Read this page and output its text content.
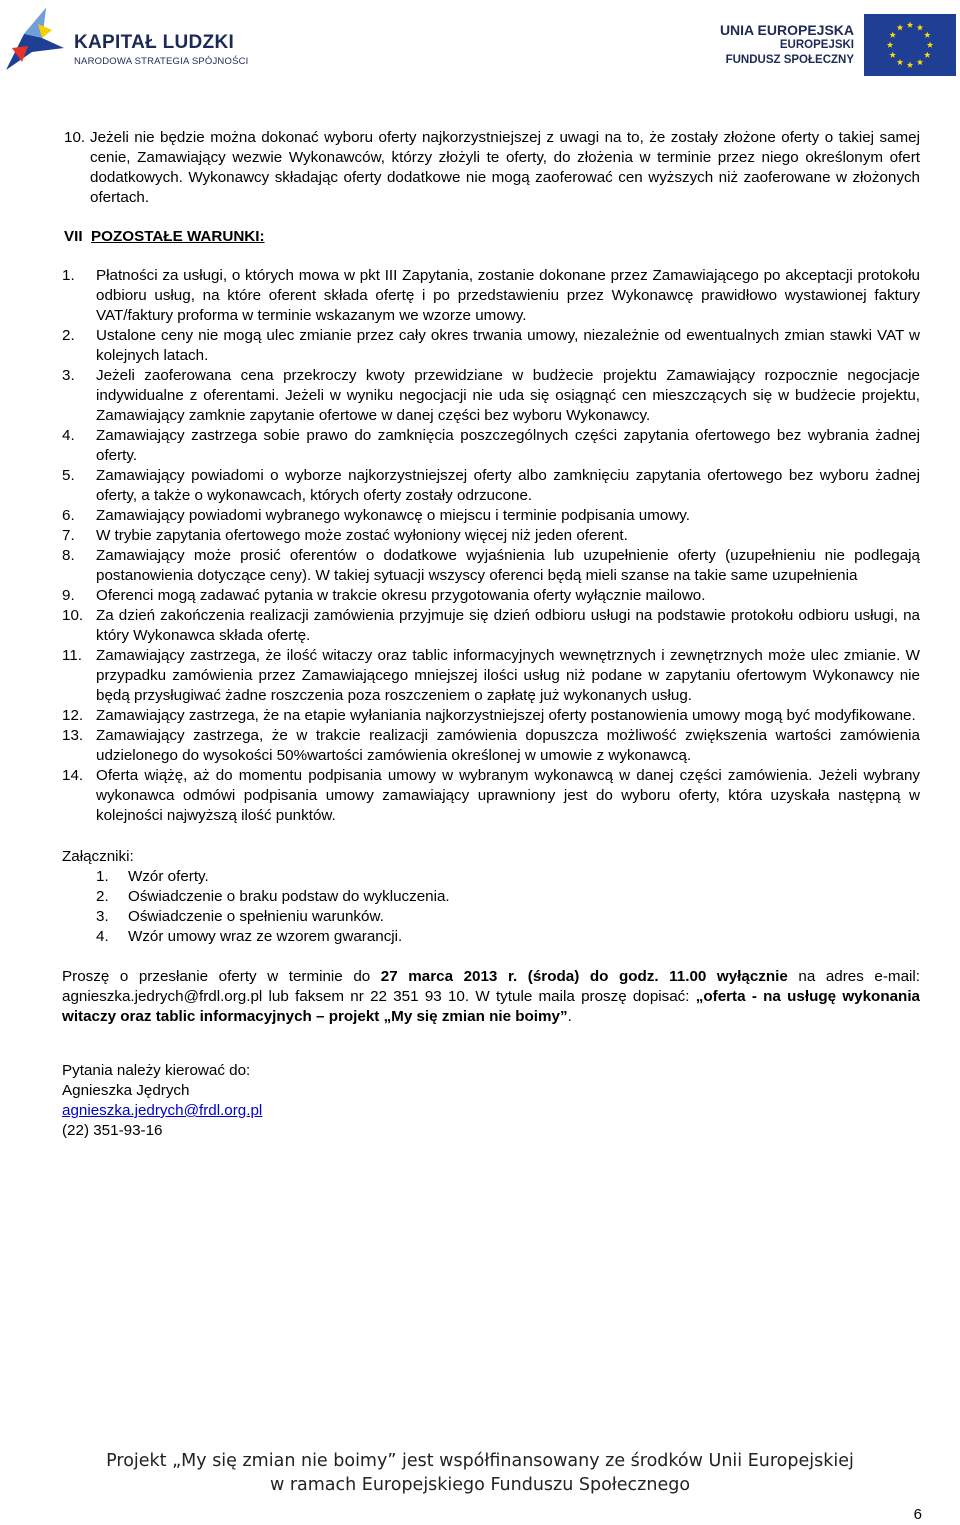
KAPITAŁ LUDZKI
NARODOWA STRATEGIA SPÓJNOŚCI
UNIA EUROPEJSKA
EUROPEJSKI
FUNDUSZ SPOŁECZNY
10. Jeżeli nie będzie można dokonać wyboru oferty najkorzystniejszej z uwagi na to, że zostały złożone oferty o takiej samej cenie, Zamawiający wezwie Wykonawców, którzy złożyli te oferty, do złożenia w terminie przez niego określonym ofert dodatkowych. Wykonawcy składając oferty dodatkowe nie mogą zaoferować cen wyższych niż zaoferowane w złożonych ofertach.
VII POZOSTAŁE WARUNKI:
1. Płatności za usługi, o których mowa w pkt III Zapytania, zostanie dokonane przez Zamawiającego po akceptacji protokołu odbioru usług, na które oferent składa ofertę i po przedstawieniu przez Wykonawcę prawidłowo wystawionej faktury VAT/faktury proforma w terminie wskazanym we wzorze umowy.
2. Ustalone ceny nie mogą ulec zmianie przez cały okres trwania umowy, niezależnie od ewentualnych zmian stawki VAT w kolejnych latach.
3. Jeżeli zaoferowana cena przekroczy kwoty przewidziane w budżecie projektu Zamawiający rozpocznie negocjacje indywidualne z oferentami. Jeżeli w wyniku negocjacji nie uda się osiągnąć cen mieszczących się w budżecie projektu, Zamawiający zamknie zapytanie ofertowe w danej części bez wyboru Wykonawcy.
4. Zamawiający zastrzega sobie prawo do zamknięcia poszczególnych części zapytania ofertowego bez wybrania żadnej oferty.
5. Zamawiający powiadomi o wyborze najkorzystniejszej oferty albo zamknięciu zapytania ofertowego bez wyboru żadnej oferty, a także o wykonawcach, których oferty zostały odrzucone.
6. Zamawiający powiadomi wybranego wykonawcę o miejscu i terminie podpisania umowy.
7. W trybie zapytania ofertowego może zostać wyłoniony więcej niż jeden oferent.
8. Zamawiający może prosić oferentów o dodatkowe wyjaśnienia lub uzupełnienie oferty (uzupełnieniu nie podlegają postanowienia dotyczące ceny). W takiej sytuacji wszyscy oferenci będą mieli szanse na takie same uzupełnienia
9. Oferenci mogą zadawać pytania w trakcie okresu przygotowania oferty wyłącznie mailowo.
10. Za dzień zakończenia realizacji zamówienia przyjmuje się dzień odbioru usługi na podstawie protokołu odbioru usługi, na który Wykonawca składa ofertę.
11. Zamawiający zastrzega, że ilość witaczy oraz tablic informacyjnych wewnętrznych i zewnętrznych może ulec zmianie. W przypadku zamówienia przez Zamawiającego mniejszej ilości usług niż podane w zapytaniu ofertowym Wykonawcy nie będą przysługiwać żadne roszczenia poza roszczeniem o zapłatę już wykonanych usług.
12. Zamawiający zastrzega, że na etapie wyłaniania najkorzystniejszej oferty postanowienia umowy mogą być modyfikowane.
13. Zamawiający zastrzega, że w trakcie realizacji zamówienia dopuszcza możliwość zwiększenia wartości zamówienia udzielonego do wysokości 50%wartości zamówienia określonej w umowie z wykonawcą.
14. Oferta wiążę, aż do momentu podpisania umowy w wybranym wykonawcą w danej części zamówienia. Jeżeli wybrany wykonawca odmówi podpisania umowy zamawiający uprawniony jest do wyboru oferty, która uzyskała następną w kolejności najwyższą ilość punktów.
Załączniki:
1. Wzór oferty.
2. Oświadczenie o braku podstaw do wykluczenia.
3. Oświadczenie o spełnieniu warunków.
4. Wzór umowy wraz ze wzorem gwarancji.
Proszę o przesłanie oferty w terminie do 27 marca 2013 r. (środa) do godz. 11.00 wyłącznie na adres e-mail: agnieszka.jedrych@frdl.org.pl lub faksem nr 22 351 93 10. W tytule maila proszę dopisać: „oferta - na usługę wykonania witaczy oraz tablic informacyjnych – projekt „My się zmian nie boimy”.
Pytania należy kierować do:
Agnieszka Jędrych
agnieszka.jedrych@frdl.org.pl
(22) 351-93-16
Projekt „My się zmian nie boimy” jest współfinansowany ze środków Unii Europejskiej
w ramach Europejskiego Funduszu Społecznego
6
